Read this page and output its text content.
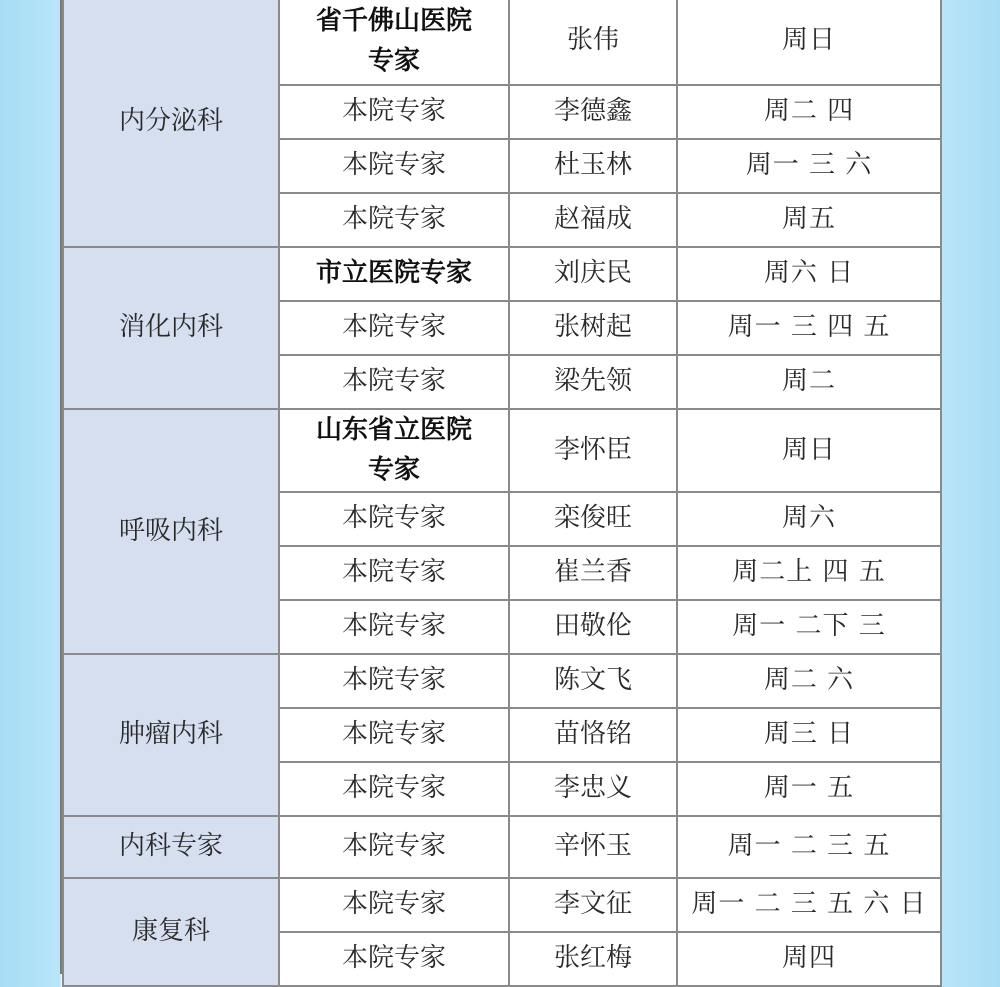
内分泌科	省千佛山医院专家	张伟	周日
	本院专家	李德鑫	周二 四
	本院专家	杜玉林	周一 三 六
	本院专家	赵福成	周五
消化内科	市立医院专家	刘庆民	周六 日
	本院专家	张树起	周一 三 四 五
	本院专家	梁先领	周二
呼吸内科	山东省立医院专家	李怀臣	周日
	本院专家	栾俊旺	周六
	本院专家	崔兰香	周二上 四 五
	本院专家	田敬伦	周一 二下 三
肿瘤内科	本院专家	陈文飞	周二 六
	本院专家	苗恪铭	周三 日
	本院专家	李忠义	周一 五
内科专家	本院专家	辛怀玉	周一 二 三 五
康复科	本院专家	李文征	周一 二 三 五 六 日
	本院专家	张红梅	周四
